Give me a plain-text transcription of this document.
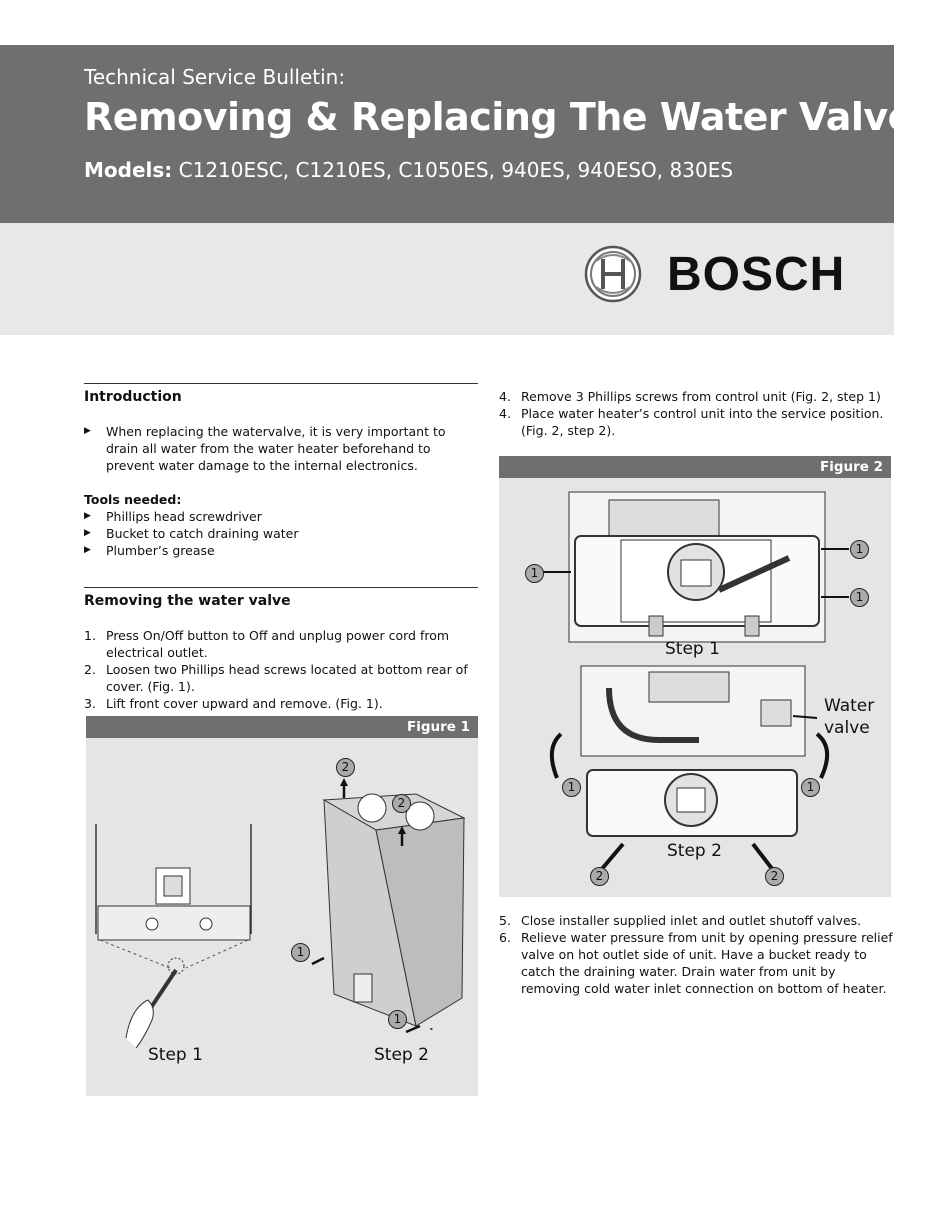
Technical Service Bulletin:
Removing & Replacing The Water Valve
Models: C1210ESC, C1210ES, C1050ES, 940ES, 940ESO, 830ES
BOSCH
Introduction
▶ When replacing the watervalve, it is very important to drain all water from the water heater beforehand to prevent water damage to the internal electronics.
Tools needed:
▶ Phillips head screwdriver
▶ Bucket to catch draining water
▶ Plumber’s grease
Removing the water valve
1. Press On/Off button to Off and unplug power cord from electrical outlet.
2. Loosen two Phillips head screws located at bottom rear of cover. (Fig. 1).
3. Lift front cover upward and remove. (Fig. 1).
Figure 1
▪
2
2
1
1
Step 1	Step 2
4. Remove 3 Phillips screws from control unit (Fig. 2, step 1)
4. Place water heater’s control unit into the service position. (Fig. 2, step 2).
Figure 2
1
1
1
1	1
2	2
Step 1
Step 2
Water valve
5. Close installer supplied inlet and outlet shutoff valves.
6. Relieve water pressure from unit by opening pressure relief valve on hot outlet side of unit. Have a bucket ready to catch the draining water. Drain water from unit by removing cold water inlet connection on bottom of heater.
